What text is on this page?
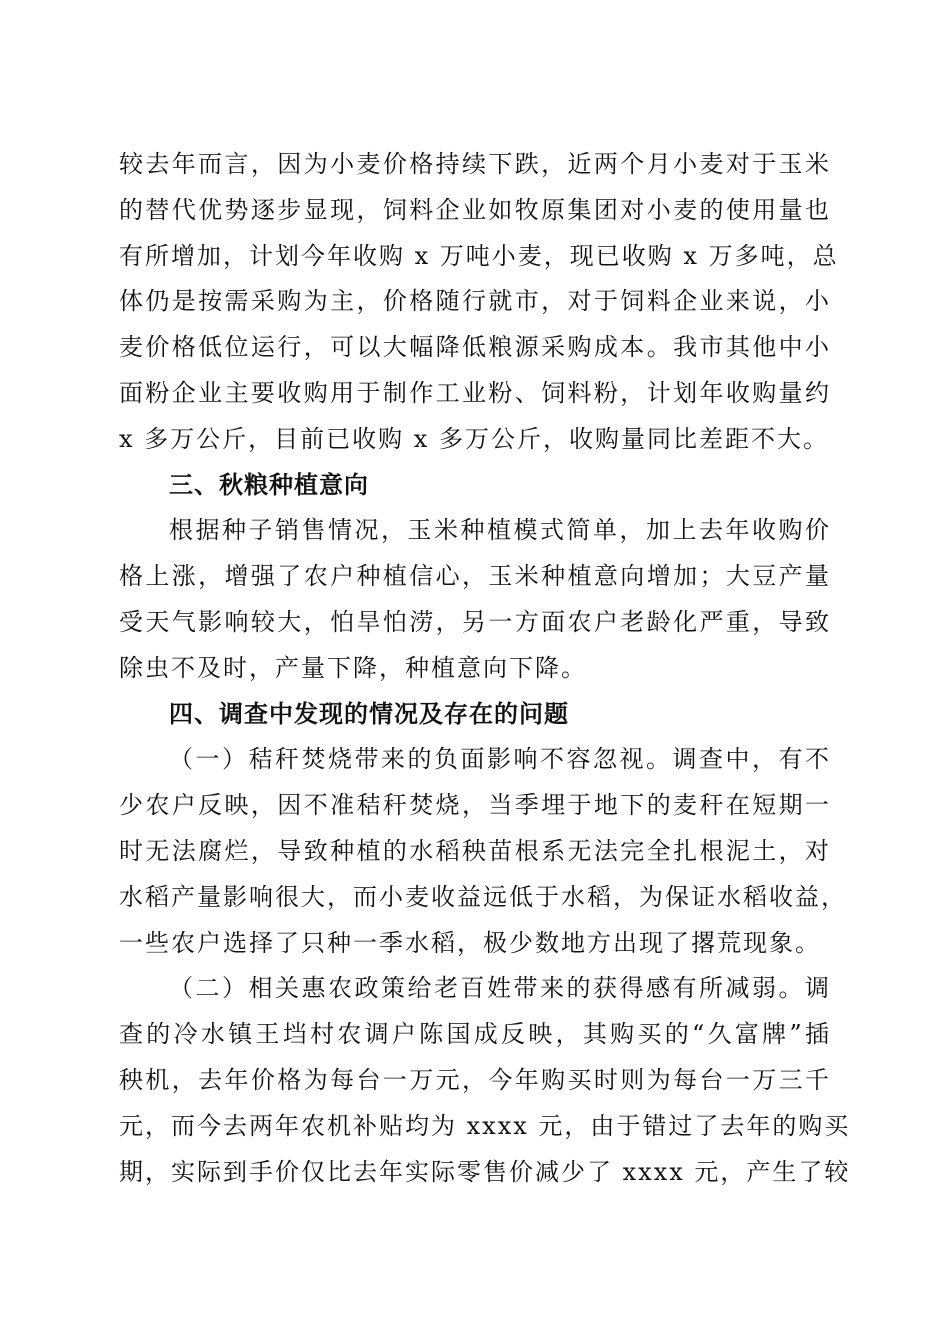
较去年而言，因为小麦价格持续下跌，近两个月小麦对于玉米
的替代优势逐步显现，饲料企业如牧原集团对小麦的使用量也
有所增加，计划今年收购 x 万吨小麦，现已收购 x 万多吨，总
体仍是按需采购为主，价格随行就市，对于饲料企业来说，小
麦价格低位运行，可以大幅降低粮源采购成本。我市其他中小
面粉企业主要收购用于制作工业粉、饲料粉，计划年收购量约
x 多万公斤，目前已收购 x 多万公斤，收购量同比差距不大。
三、秋粮种植意向
根据种子销售情况，玉米种植模式简单，加上去年收购价
格上涨，增强了农户种植信心，玉米种植意向增加；大豆产量
受天气影响较大，怕旱怕涝，另一方面农户老龄化严重，导致
除虫不及时，产量下降，种植意向下降。
四、调查中发现的情况及存在的问题
（一）秸秆焚烧带来的负面影响不容忽视。调查中，有不
少农户反映，因不准秸秆焚烧，当季埋于地下的麦秆在短期一
时无法腐烂，导致种植的水稻秧苗根系无法完全扎根泥土，对
水稻产量影响很大，而小麦收益远低于水稻，为保证水稻收益，
一些农户选择了只种一季水稻，极少数地方出现了撂荒现象。
（二）相关惠农政策给老百姓带来的获得感有所减弱。调
查的冷水镇王垱村农调户陈国成反映，其购买的“久富牌”插
秧机，去年价格为每台一万元，今年购买时则为每台一万三千
元，而今去两年农机补贴均为 xxxx 元，由于错过了去年的购买
期，实际到手价仅比去年实际零售价减少了 xxxx 元，产生了较
